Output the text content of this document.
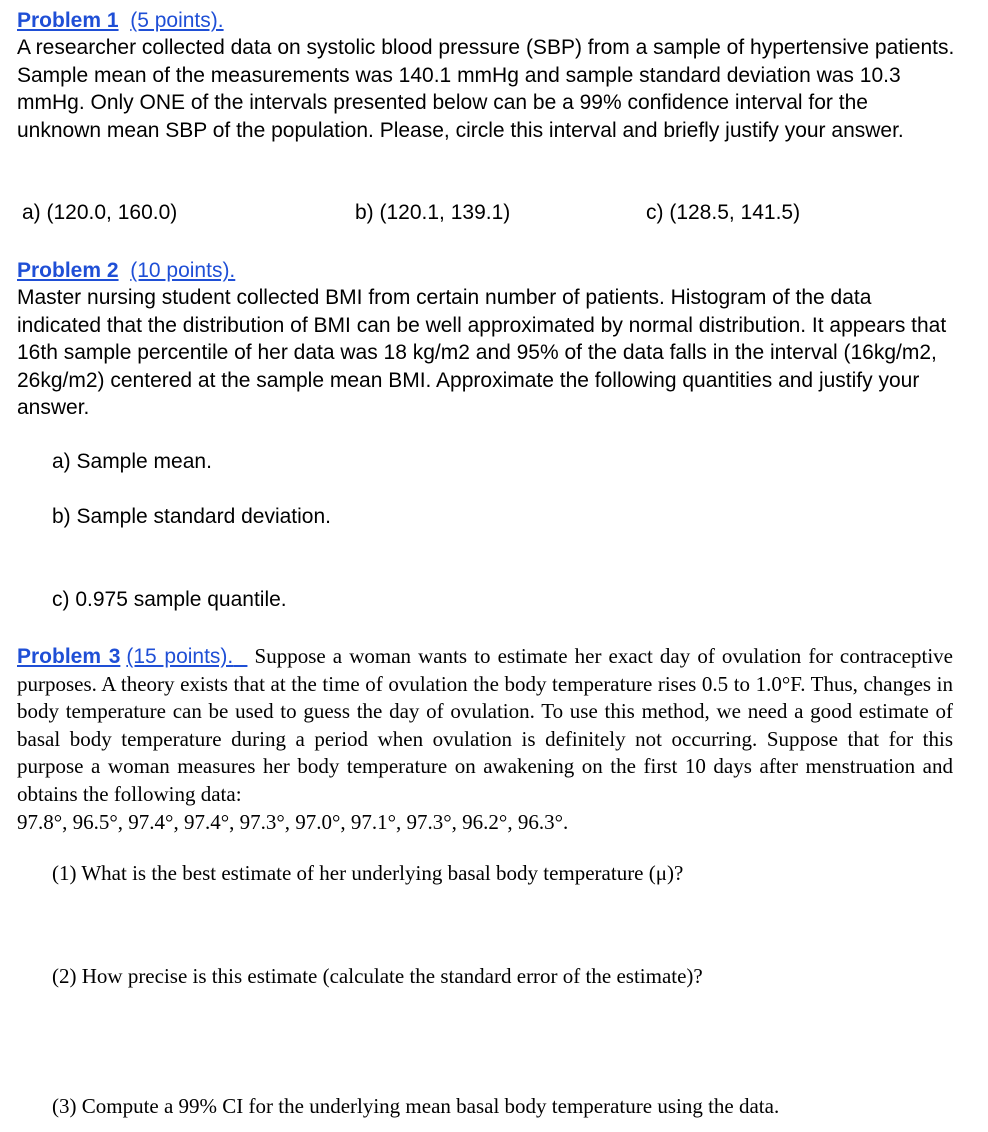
Problem 1 (5 points).

A researcher collected data on systolic blood pressure (SBP) from a sample of hypertensive patients. Sample mean of the measurements was 140.1 mmHg and sample standard deviation was 10.3 mmHg. Only ONE of the intervals presented below can be a 99% confidence interval for the unknown mean SBP of the population. Please, circle this interval and briefly justify your answer.

a) (120.0, 160.0)	b) (120.1, 139.1)	c) (128.5, 141.5)
Problem 2 (10 points).

Master nursing student collected BMI from certain number of patients. Histogram of the data indicated that the distribution of BMI can be well approximated by normal distribution. It appears that 16th sample percentile of her data was 18 kg/m2 and 95% of the data falls in the interval (16kg/m2, 26kg/m2) centered at the sample mean BMI. Approximate the following quantities and justify your answer.

a) Sample mean.
b) Sample standard deviation.
c) 0.975 sample quantile.

Problem 3 (15 points). Suppose a woman wants to estimate her exact day of ovulation for contraceptive purposes. A theory exists that at the time of ovulation the body temperature rises 0.5 to 1.0°F. Thus, changes in body temperature can be used to guess the day of ovulation. To use this method, we need a good estimate of basal body temperature during a period when ovulation is definitely not occurring. Suppose that for this purpose a woman measures her body temperature on awakening on the first 10 days after menstruation and obtains the following data:
97.8°, 96.5°, 97.4°, 97.4°, 97.3°, 97.0°, 97.1°, 97.3°, 96.2°, 96.3°.

(1) What is the best estimate of her underlying basal body temperature (μ)?
(2) How precise is this estimate (calculate the standard error of the estimate)?
(3) Compute a 99% CI for the underlying mean basal body temperature using the data.
